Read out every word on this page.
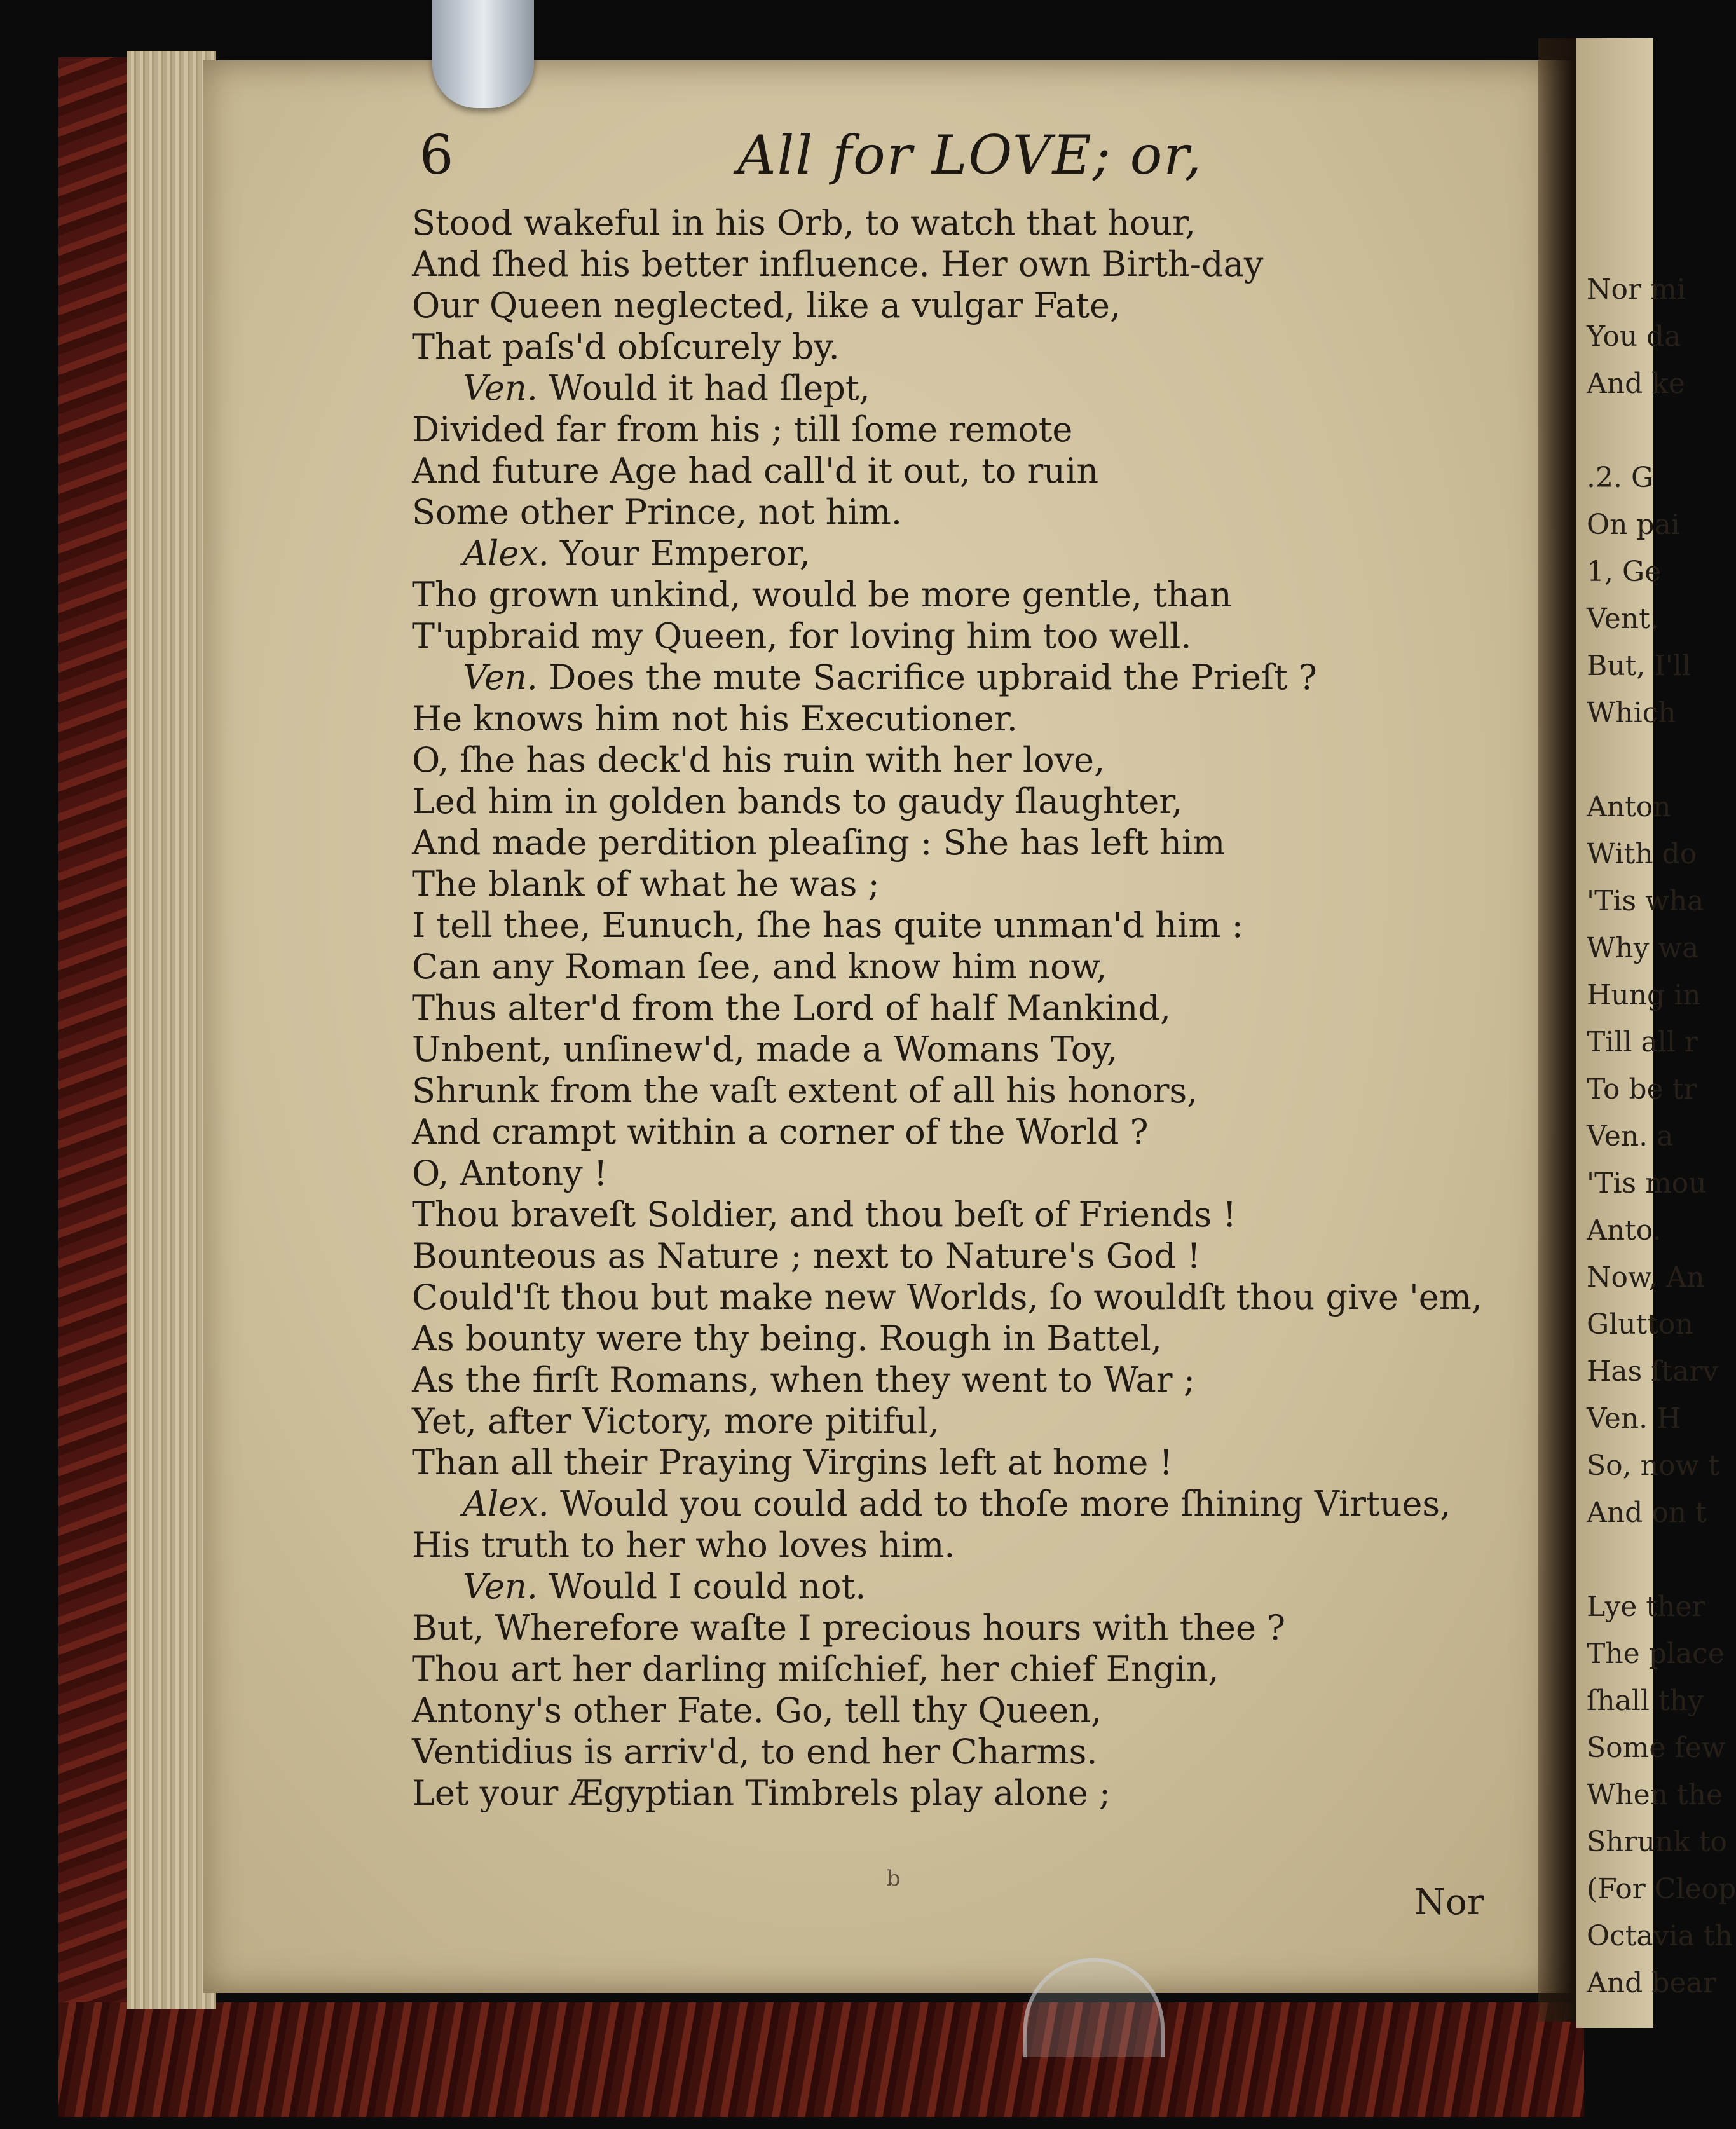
Nor mi
You da
And ke
.2. G
On pai
1, Ge
Vent.
But, I'll
Which
Anton
With do
'Tis wha
Why wa
Hung in
Till all r
To be tr
Ven. a
'Tis mou
Anto.
Now, An
Glutton
Has ſtarv
Ven. H
So, now t
And on t
Lye ther
The place
ſhall thy
Some few
When the
Shrunk to
(For Cleop
Octavia th
And bear
6	All for LOVE; or,
Stood wakeful in his Orb, to watch that hour,
And ſhed his better influence. Her own Birth-day
Our Queen neglected, like a vulgar Fate,
That paſs'd obſcurely by.
Ven. Would it had ſlept,
Divided far from his ; till ſome remote
And future Age had call'd it out, to ruin
Some other Prince, not him.
Alex. Your Emperor,
Tho grown unkind, would be more gentle, than
T'upbraid my Queen, for loving him too well.
Ven. Does the mute Sacrifice upbraid the Prieſt ?
He knows him not his Executioner.
O, ſhe has deck'd his ruin with her love,
Led him in golden bands to gaudy ſlaughter,
And made perdition pleaſing : She has left him
The blank of what he was ;
I tell thee, Eunuch, ſhe has quite unman'd him :
Can any Roman ſee, and know him now,
Thus alter'd from the Lord of half Mankind,
Unbent, unſinew'd, made a Womans Toy,
Shrunk from the vaſt extent of all his honors,
And crampt within a corner of the World ?
O, Antony !
Thou braveſt Soldier, and thou beſt of Friends !
Bounteous as Nature ; next to Nature's God !
Could'ſt thou but make new Worlds, ſo wouldſt thou give 'em,
As bounty were thy being. Rough in Battel,
As the firſt Romans, when they went to War ;
Yet, after Victory, more pitiful,
Than all their Praying Virgins left at home !
Alex. Would you could add to thoſe more ſhining Virtues,
His truth to her who loves him.
Ven. Would I could not.
But, Wherefore waſte I precious hours with thee ?
Thou art her darling miſchief, her chief Engin,
Antony's other Fate. Go, tell thy Queen,
Ventidius is arriv'd, to end her Charms.
Let your Ægyptian Timbrels play alone ;
b
Nor
